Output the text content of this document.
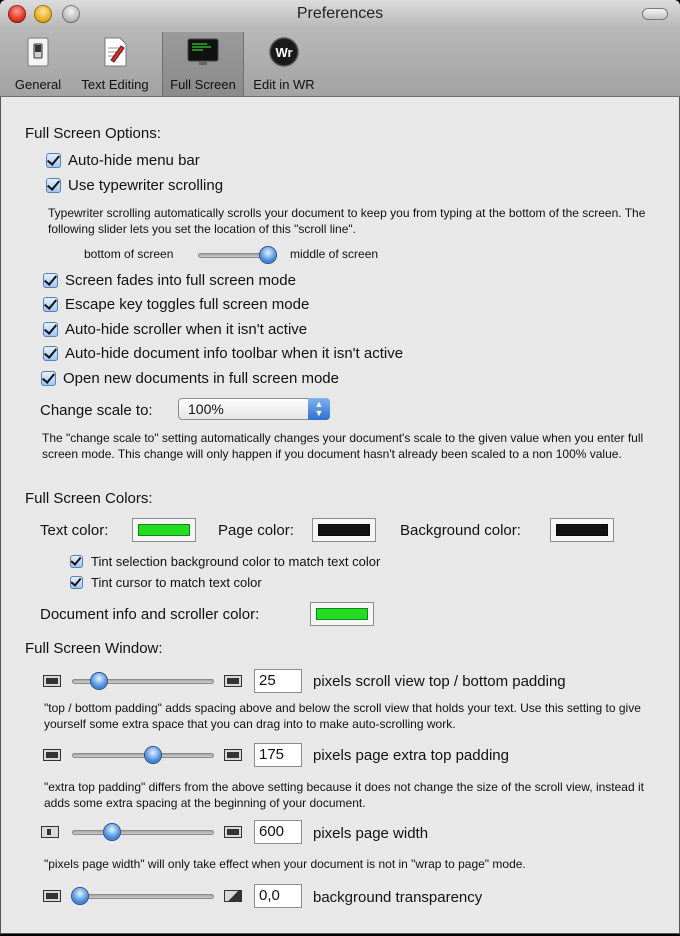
Preferences
General	Text Editing	Full Screen
Wr
Edit in WR
Full Screen Options:
Auto-hide menu bar
Use typewriter scrolling
Typewriter scrolling automatically scrolls your document to keep you from typing at the bottom of the screen. The following slider lets you set the location of this "scroll line".
bottom of screen	middle of screen
Screen fades into full screen mode
Escape key toggles full screen mode
Auto-hide scroller when it isn't active
Auto-hide document info toolbar when it isn't active
Open new documents in full screen mode
Change scale to:	100%	▲
▼
The "change scale to" setting automatically changes your document's scale to the given value when you enter full screen mode. This change will only happen if you document hasn't already been scaled to a non 100% value.
Full Screen Colors:
Text color:	Page color:	Background color:
Tint selection background color to match text color
Tint cursor to match text color
Document info and scroller color:
Full Screen Window:
25
pixels scroll view top / bottom padding
"top / bottom padding" adds spacing above and below the scroll view that holds your text. Use this setting to give yourself some extra space that you can drag into to make auto-scrolling work.
175
pixels page extra top padding
"extra top padding" differs from the above setting because it does not change the size of the scroll view, instead it adds some extra spacing at the beginning of your document.
600
pixels page width
"pixels page width" will only take effect when your document is not in "wrap to page" mode.
0,0
background transparency
